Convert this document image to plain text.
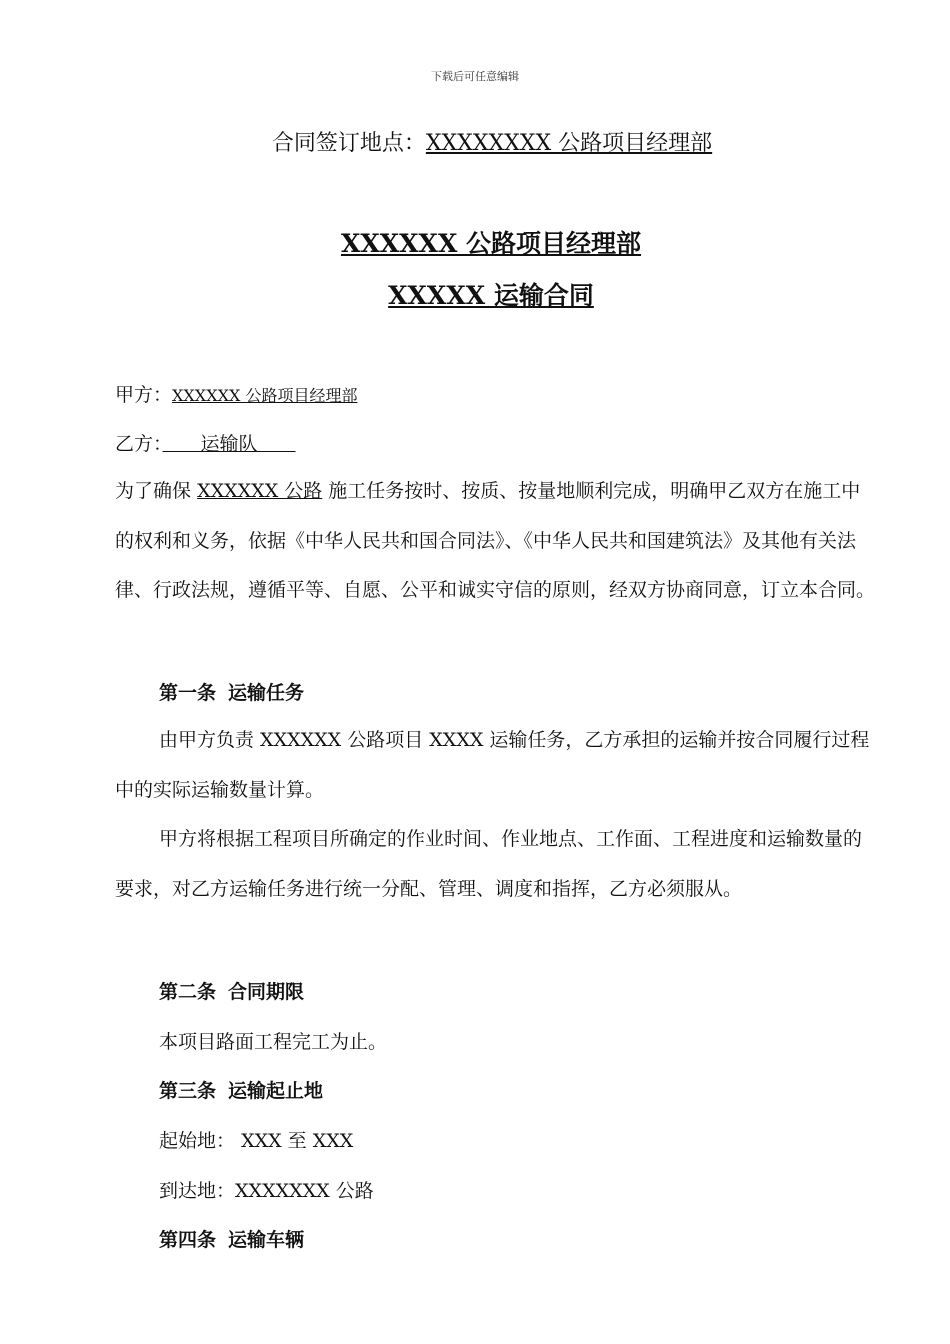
下载后可任意编辑
合同签订地点：XXXXXXXX 公路项目经理部
XXXXXX 公路项目经理部
XXXXX 运输合同
甲方：XXXXXX 公路项目经理部
乙方：　　运输队　　
为了确保 XXXXXX 公路 施工任务按时、按质、按量地顺利完成，明确甲乙双方在施工中的权利和义务，依据《中华人民共和国合同法》、《中华人民共和国建筑法》及其他有关法律、行政法规，遵循平等、自愿、公平和诚实守信的原则，经双方协商同意，订立本合同。
第一条 运输任务
由甲方负责 XXXXXX 公路项目 XXXX 运输任务，乙方承担的运输并按合同履行过程中的实际运输数量计算。
甲方将根据工程项目所确定的作业时间、作业地点、工作面、工程进度和运输数量的要求，对乙方运输任务进行统一分配、管理、调度和指挥，乙方必须服从。
第二条 合同期限
本项目路面工程完工为止。
第三条 运输起止地
起始地： XXX 至 XXX
到达地：XXXXXXX 公路
第四条 运输车辆
